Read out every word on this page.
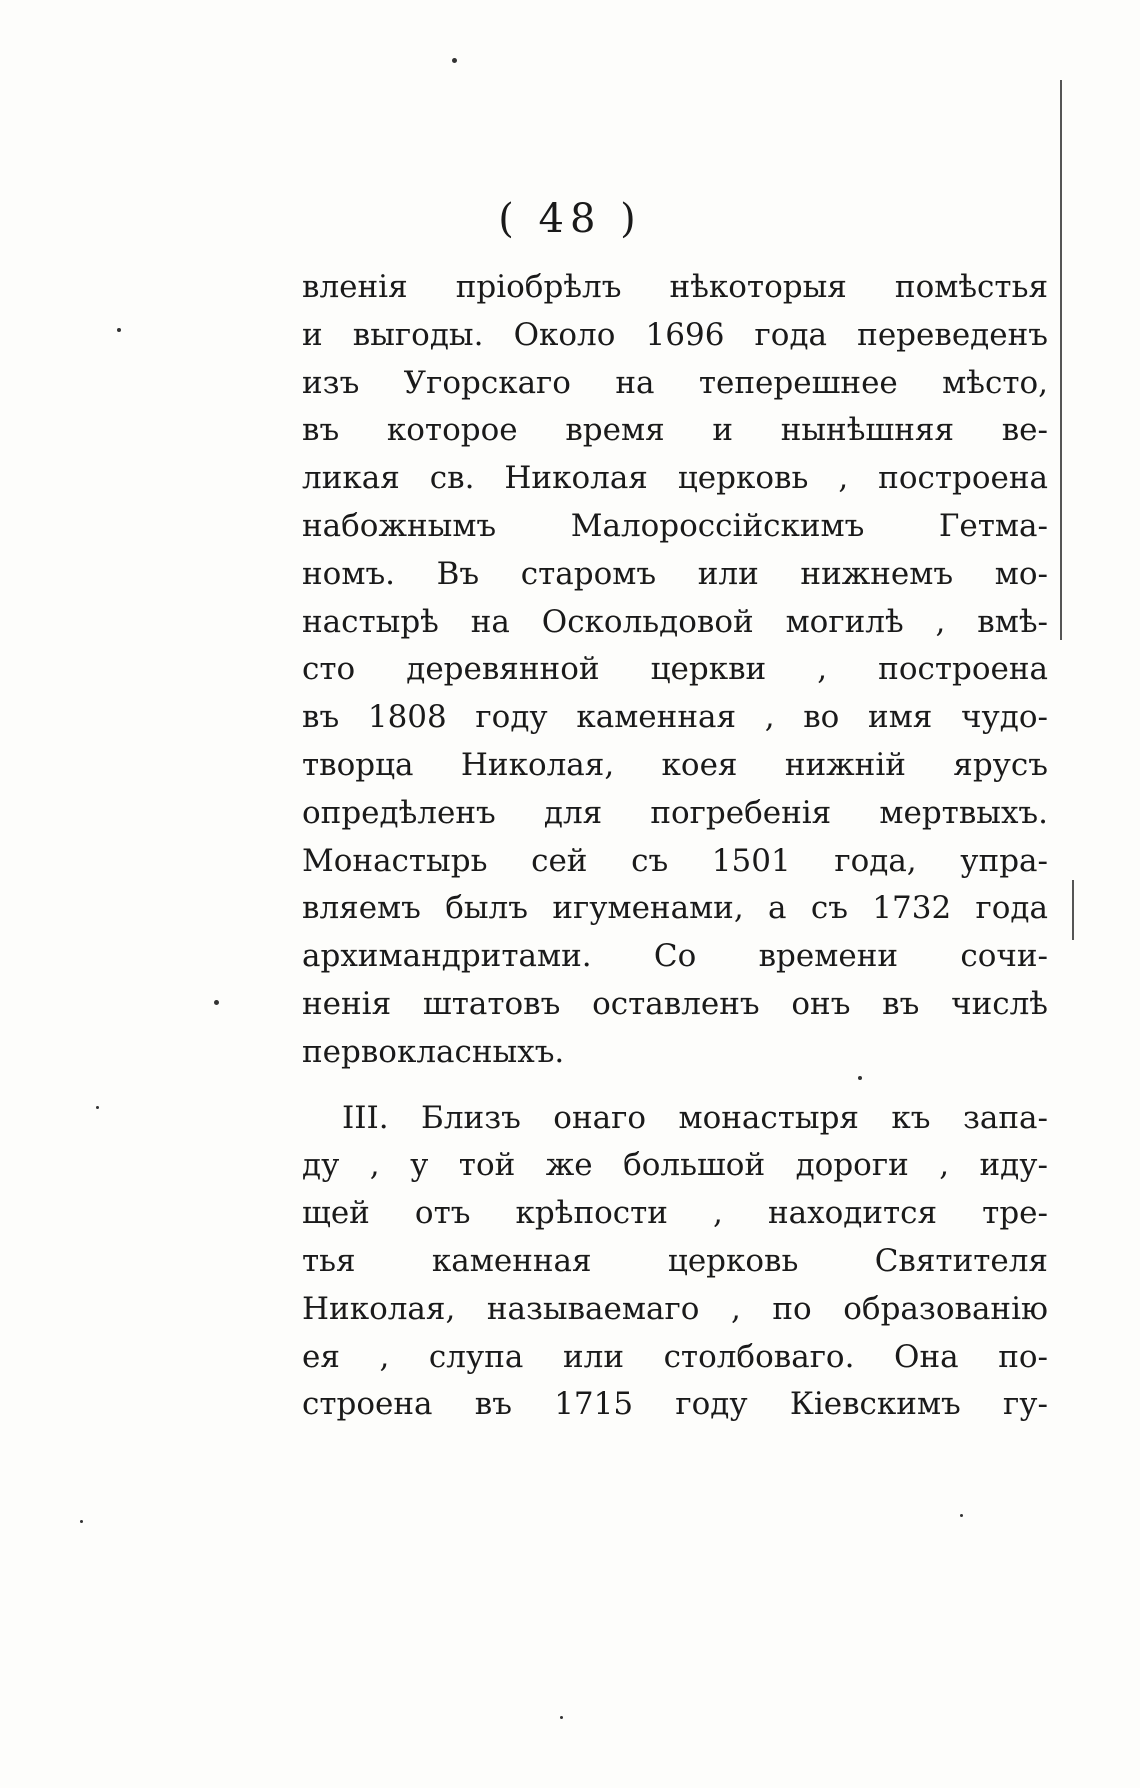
( 48 )
вленія пріобрѣлъ нѣкоторыя помѣстья
и выгоды. Около 1696 года переведенъ
изъ Угорскаго на теперешнее мѣсто,
въ которое время и нынѣшняя ве-
ликая св. Николая церковь , построена
набожнымъ Малороссійскимъ Гетма-
номъ. Въ старомъ или нижнемъ мо-
настырѣ на Оскольдовой могилѣ , вмѣ-
сто деревянной церкви , построена
въ 1808 году каменная , во имя чудо-
творца Николая, коея нижній ярусъ
опредѣленъ для погребенія мертвыхъ.
Монастырь сей съ 1501 года, упра-
вляемъ былъ игуменами, а съ 1732 года
архимандритами. Со времени сочи-
ненія штатовъ оставленъ онъ въ числѣ
первокласныхъ.
III. Близъ онаго монастыря къ запа-
ду , у той же большой дороги , иду-
щей отъ крѣпости , находится тре-
тья каменная церковь Святителя
Николая, называемаго , по образованію
ея , слупа или столбоваго. Она по-
строена въ 1715 году Кіевскимъ гу-
